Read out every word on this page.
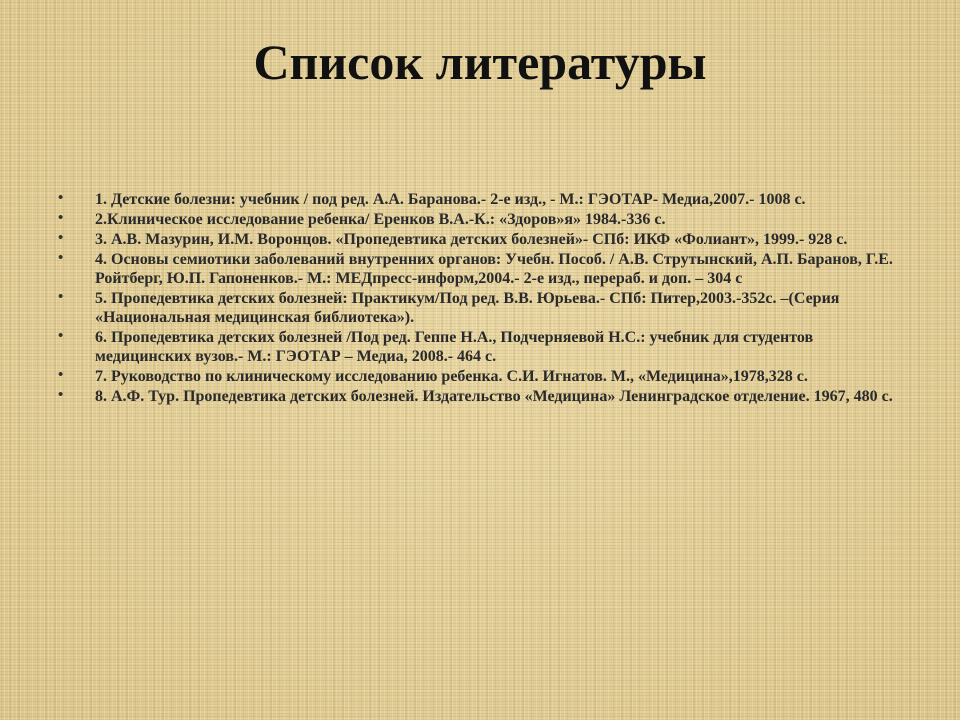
Список литературы
• 1. Детские болезни: учебник / под ред. А.А. Баранова.- 2-е изд., - М.: ГЭОТАР- Медиа,2007.- 1008 с.
• 2.Клиническое исследование ребенка/ Еренков В.А.-К.: «Здоров»я» 1984.-336 с.
• 3. А.В. Мазурин, И.М. Воронцов. «Пропедевтика детских болезней»- СПб: ИКФ «Фолиант», 1999.- 928 с.
• 4. Основы семиотики заболеваний внутренних органов: Учебн. Пособ. / А.В. Струтынский, А.П. Баранов, Г.Е. Ройтберг, Ю.П. Гапоненков.- М.: МЕДпресс-информ,2004.- 2-е изд., перераб. и доп. – 304 с
• 5. Пропедевтика детских болезней: Практикум/Под ред. В.В. Юрьева.- СПб: Питер,2003.-352с. –(Серия «Национальная медицинская библиотека»).
• 6. Пропедевтика детских болезней /Под ред. Геппе Н.А., Подчерняевой Н.С.: учебник для студентов медицинских вузов.- М.: ГЭОТАР – Медиа, 2008.- 464 с.
• 7. Руководство по клиническому исследованию ребенка. С.И. Игнатов. М., «Медицина»,1978,328 с.
• 8. А.Ф. Тур. Пропедевтика детских болезней. Издательство «Медицина» Ленинградское отделение. 1967, 480 с.
